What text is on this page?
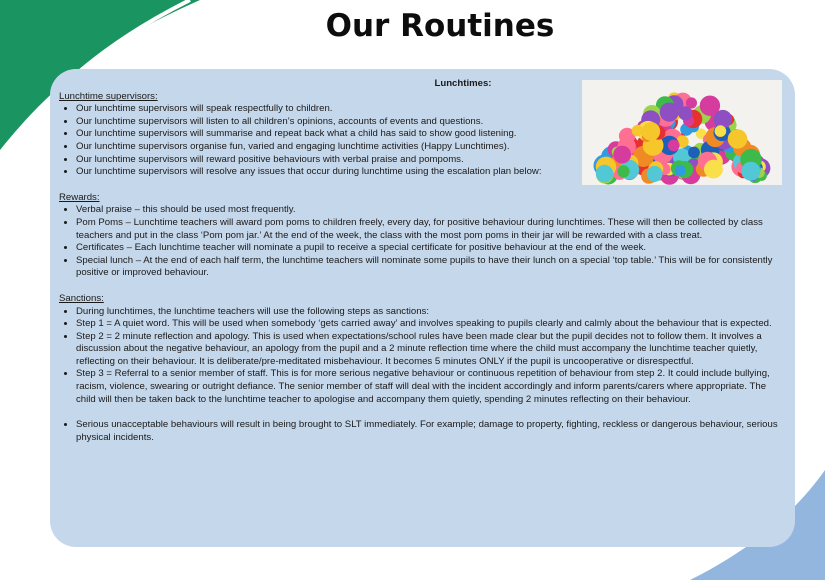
Our Routines
Lunchtimes:
Lunchtime supervisors:
• Our lunchtime supervisors will speak respectfully to children.
• Our lunchtime supervisors will listen to all children’s opinions, accounts of events and questions.
• Our lunchtime supervisors will summarise and repeat back what a child has said to show good listening.
• Our lunchtime supervisors organise fun, varied and engaging lunchtime activities (Happy Lunchtimes).
• Our lunchtime supervisors will reward positive behaviours with verbal praise and pompoms.
• Our lunchtime supervisors will resolve any issues that occur during lunchtime using the escalation plan below:
Rewards:
• Verbal praise – this should be used most frequently.
• Pom Poms – Lunchtime teachers will award pom poms to children freely, every day, for positive behaviour during lunchtimes. These will then be collected by class teachers and put in the class ‘Pom pom jar.’ At the end of the week, the class with the most pom poms in their jar will be rewarded with a class treat.
• Certificates – Each lunchtime teacher will nominate a pupil to receive a special certificate for positive behaviour at the end of the week.
• Special lunch – At the end of each half term, the lunchtime teachers will nominate some pupils to have their lunch on a special ‘top table.’ This will be for consistently positive or improved behaviour.
Sanctions:
• During lunchtimes, the lunchtime teachers will use the following steps as sanctions:
• Step 1 = A quiet word. This will be used when somebody ‘gets carried away’ and involves speaking to pupils clearly and calmly about the behaviour that is expected.
• Step 2 = 2 minute reflection and apology. This is used when expectations/school rules have been made clear but the pupil decides not to follow them. It involves a discussion about the negative behaviour, an apology from the pupil and a 2 minute reflection time where the child must accompany the lunchtime teacher quietly, reflecting on their behaviour. It is deliberate/pre-meditated misbehaviour. It becomes 5 minutes ONLY if the pupil is uncooperative or disrespectful.
• Step 3 = Referral to a senior member of staff. This is for more serious negative behaviour or continuous repetition of behaviour from step 2. It could include bullying, racism, violence, swearing or outright defiance. The senior member of staff will deal with the incident accordingly and inform parents/carers where appropriate. The child will then be taken back to the lunchtime teacher to apologise and accompany them quietly, spending 2 minutes reflecting on their behaviour.
• Serious unacceptable behaviours will result in being brought to SLT immediately. For example; damage to property, fighting, reckless or dangerous behaviour, serious physical incidents.
